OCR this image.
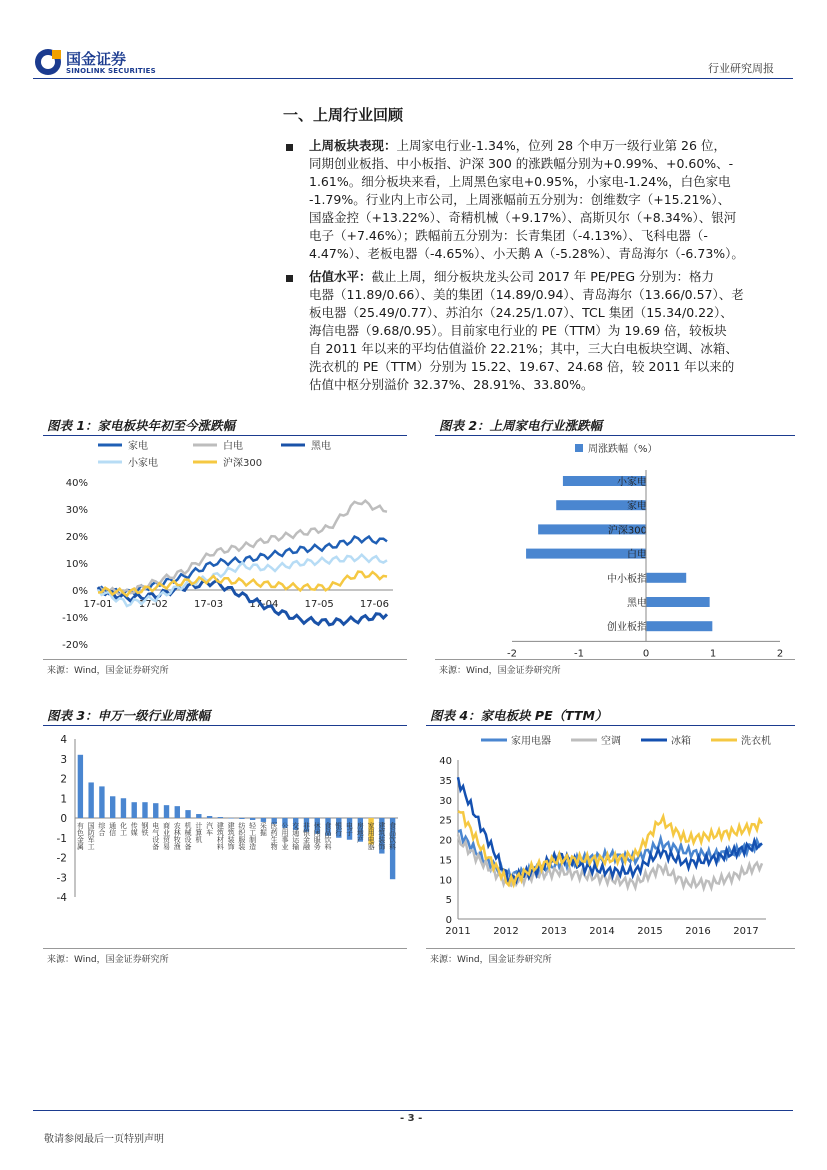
国金证券
SINOLINK SECURITIES	行业研究周报
一、上周行业回顾
上周板块表现：上周家电行业-1.34%，位列 28 个申万一级行业第 26 位，
同期创业板指、中小板指、沪深 300 的涨跌幅分别为+0.99%、+0.60%、-
1.61%。细分板块来看，上周黑色家电+0.95%，小家电-1.24%，白色家电
-1.79%。行业内上市公司，上周涨幅前五分别为：创维数字（+15.21%）、
国盛金控（+13.22%）、奇精机械（+9.17%）、高斯贝尔（+8.34%）、银河
电子（+7.46%）；跌幅前五分别为：长青集团（-4.13%）、飞科电器（-
4.47%）、老板电器（-4.65%）、小天鹅 A（-5.28%）、青岛海尔（-6.73%）。
估值水平：截止上周，细分板块龙头公司 2017 年 PE/PEG 分别为：格力
电器（11.89/0.66）、美的集团（14.89/0.94）、青岛海尔（13.66/0.57）、老
板电器（25.49/0.77）、苏泊尔（24.25/1.07）、TCL 集团（15.34/0.22）、
海信电器（9.68/0.95）。目前家电行业的 PE（TTM）为 19.69 倍，较板块
自 2011 年以来的平均估值溢价 22.21%；其中，三大白电板块空调、冰箱、
洗衣机的 PE（TTM）分别为 15.22、19.67、24.68 倍，较 2011 年以来的
估值中枢分别溢价 32.37%、28.91%、33.80%。
图表 1：家电板块年初至今涨跌幅	图表 2：上周家电行业涨跌幅
家电	白电	黑电
小家电	沪深300
40%
30%
20%
10%
0%
-10%
-20%
17-01	17-02	17-03	17-04	17-05	17-06
周涨跌幅（%）
小家电
家电
沪深300
白电
中小板指
黑电
创业板指
-2	-1	0	1	2
来源：Wind，国金证券研究所	来源：Wind，国金证券研究所
图表 3：申万一级行业周涨幅	图表 4：家电板块 PE（TTM）
4
3
2
1
0
-1
-2
-3
-4
有色金属 国防军工 综合 通信 化工 传媒 钢铁 电气设备 商业贸易 农林牧渔 机械设备 计算机 汽车 建筑材料 建筑装饰 纺织服装 轻工制造 采掘 医药生物 公用事业 交通运输 非银金融 休闲服务 食品饮料 银行 电子 房地产 家用电器 建筑装饰 食品饮料
家用电器	空调	冰箱	洗衣机
40
35
30
25
20
15
10
5
0
2011 2012 2013 2014 2015 2016 2017
来源：Wind，国金证券研究所	来源：Wind，国金证券研究所
- 3 -
敬请参阅最后一页特别声明
